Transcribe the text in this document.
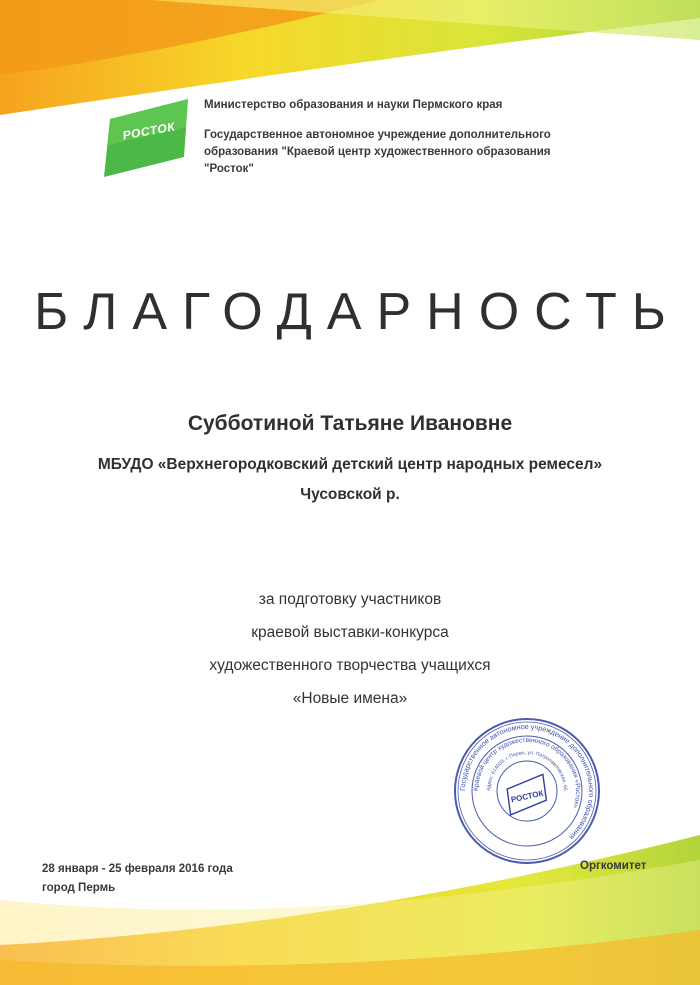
РОСТОК
Министерство образования и науки Пермского края
Государственное автономное учреждение дополнительного
образования "Краевой центр художественного образования
"Росток"
БЛАГОДАРНОСТЬ
Субботиной Татьяне Ивановне
МБУДО «Верхнегородковский детский центр народных ремесел»
Чусовской р.
за подготовку участников
краевой выставки-конкурса
художественного творчества учащихся
«Новые имена»
Государственное автономное учреждение дополнительного образования
Краевой центр художественного образования «Росток»
Адрес: 614000, г. Пермь, ул. Петропавловская, 65
РОСТОК
28 января - 25 февраля 2016 года
город Пермь
Оргкомитет
